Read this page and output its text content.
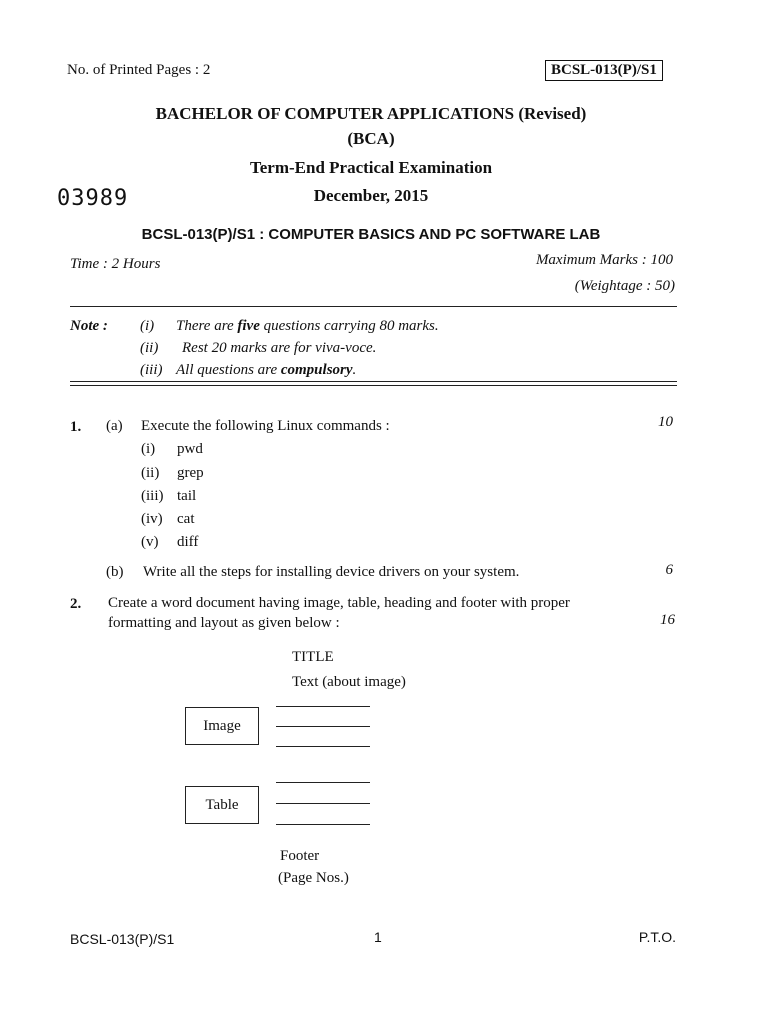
No. of Printed Pages : 2	BCSL-013(P)/S1
BACHELOR OF COMPUTER APPLICATIONS (Revised)
(BCA)
Term-End Practical Examination
03989	December, 2015
BCSL-013(P)/S1 : COMPUTER BASICS AND PC SOFTWARE LAB
Time : 2 Hours	Maximum Marks : 100
(Weightage : 50)
Note : (i) There are five questions carrying 80 marks.
(ii) Rest 20 marks are for viva-voce.
(iii) All questions are compulsory.
1. (a) Execute the following Linux commands :	10
(i) pwd
(ii) grep
(iii) tail
(iv) cat
(v) diff
(b) Write all the steps for installing device drivers on your system.	6
2. Create a word document having image, table, heading and footer with proper
formatting and layout as given below :	16
TITLE
Text (about image)
Image
Table
Footer
(Page Nos.)
BCSL-013(P)/S1	1	P.T.O.
